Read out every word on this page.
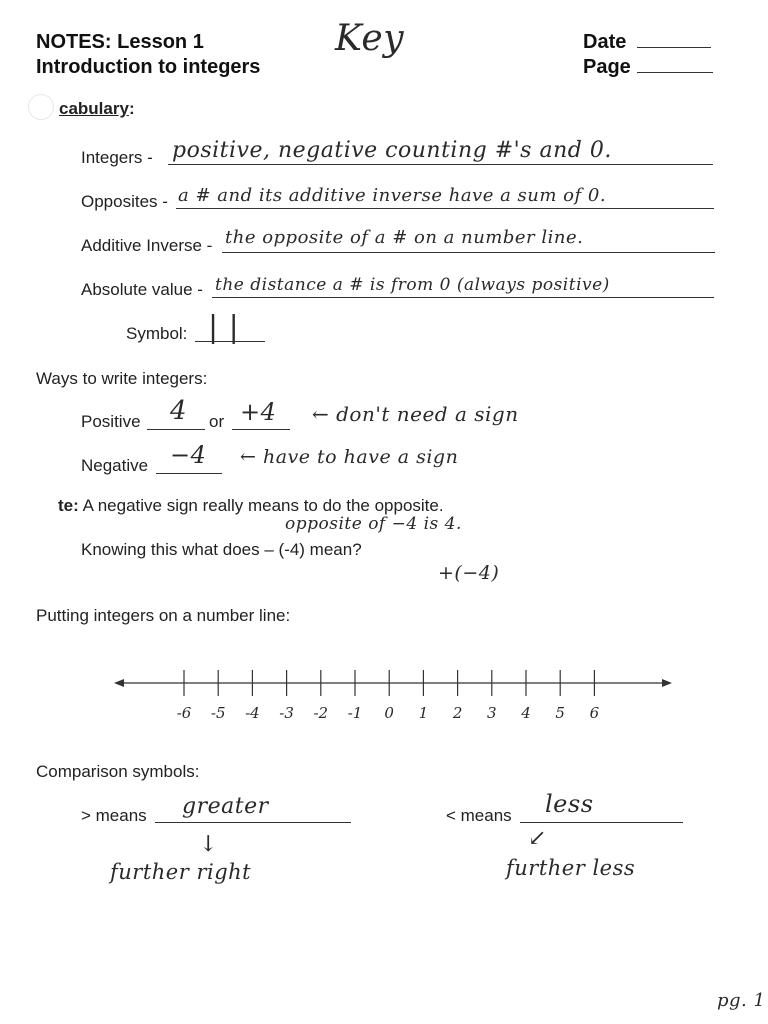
NOTES: Lesson 1
Introduction to integers
Key	Date
Page
cabulary:
Integers - positive, negative counting #'s and 0.
Opposites - a # and its additive inverse have a sum of 0.
Additive Inverse - the opposite of a # on a number line.
Absolute value - the distance a # is from 0 (always positive)
Symbol: | |
Ways to write integers:
Positive 4 or +4 ← don't need a sign
Negative −4 ← have to have a sign
te: A negative sign really means to do the opposite.
opposite of −4 is 4.
Knowing this what does – (-4) mean?
+(−4)
Putting integers on a number line:
-6 -5 -4 -3 -2 -1 0 1 2 3 4 5 6
Comparison symbols:
> means greater
↓
further right
< means less
↙
further less
pg. 1
